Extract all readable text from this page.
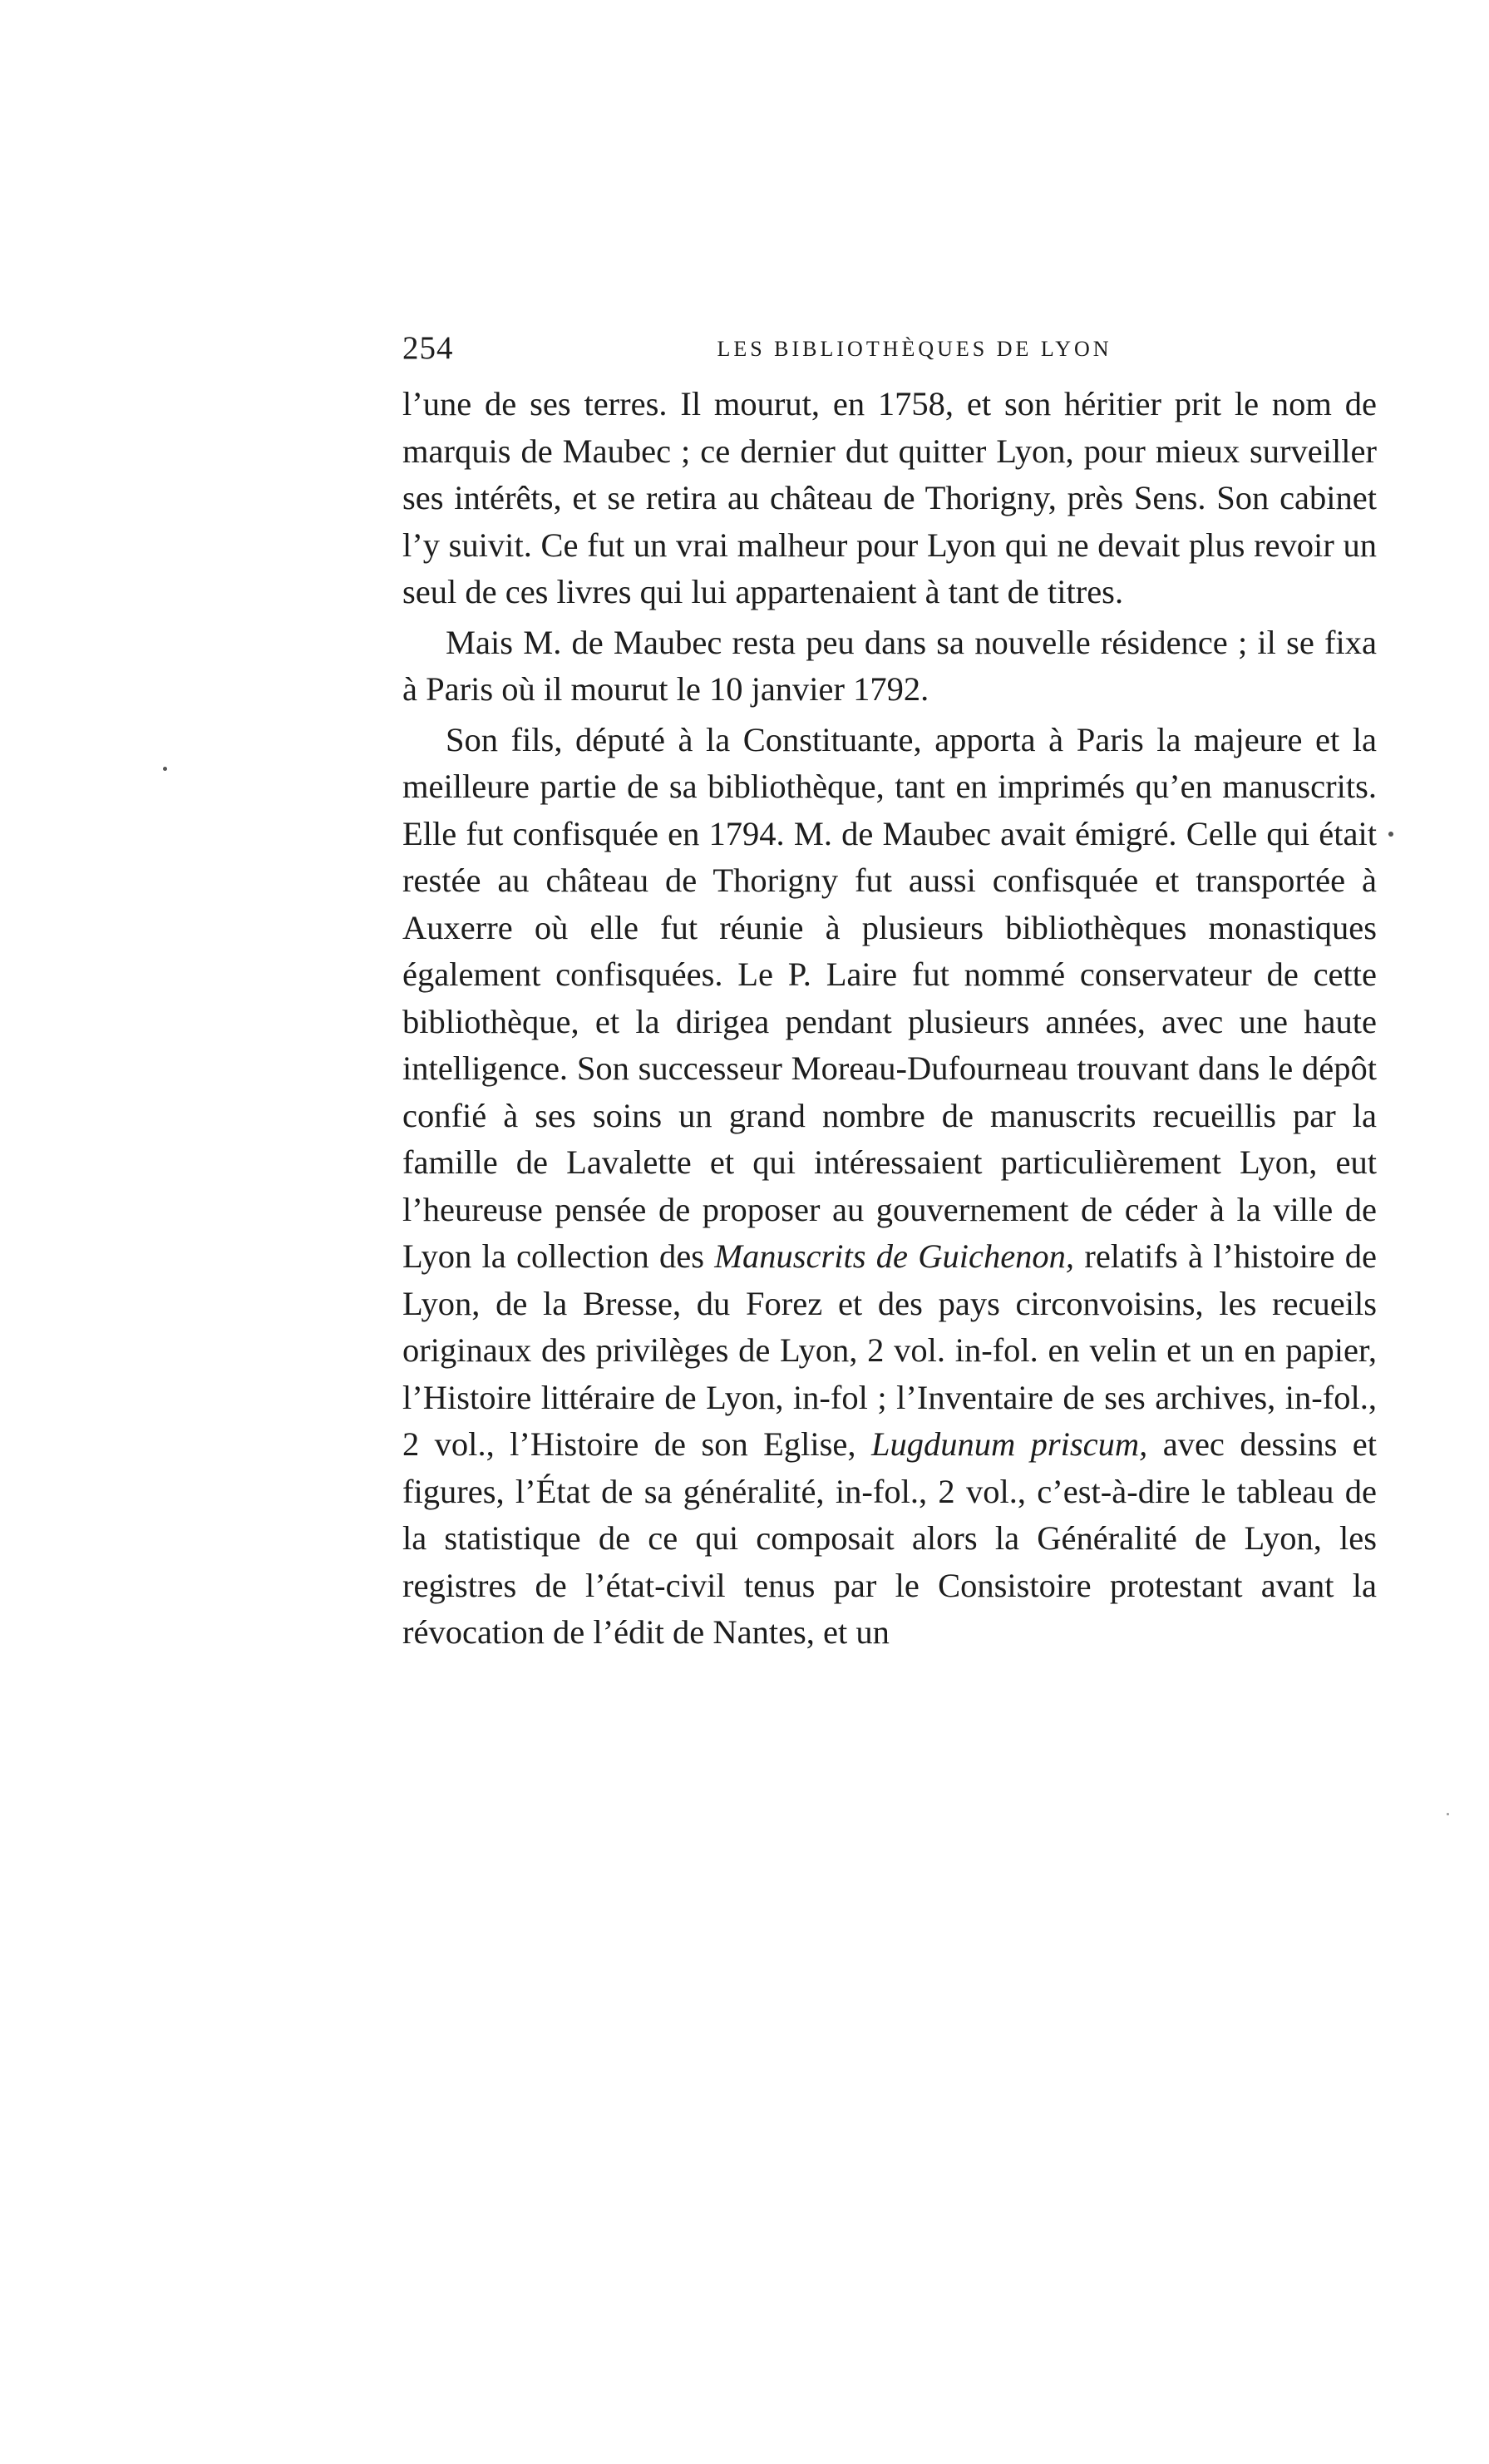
254	LES BIBLIOTHÈQUES DE LYON

l’une de ses terres. Il mourut, en 1758, et son héritier prit le nom de marquis de Maubec ; ce dernier dut quitter Lyon, pour mieux surveiller ses intérêts, et se retira au château de Thorigny, près Sens. Son cabinet l’y suivit. Ce fut un vrai malheur pour Lyon qui ne devait plus revoir un seul de ces livres qui lui appartenaient à tant de titres.

Mais M. de Maubec resta peu dans sa nouvelle résidence ; il se fixa à Paris où il mourut le 10 janvier 1792.

Son fils, député à la Constituante, apporta à Paris la majeure et la meilleure partie de sa bibliothèque, tant en imprimés qu’en manuscrits. Elle fut confisquée en 1794. M. de Maubec avait émigré. Celle qui était restée au château de Thorigny fut aussi confisquée et transportée à Auxerre où elle fut réunie à plusieurs bibliothèques monastiques également confisquées. Le P. Laire fut nommé conservateur de cette bibliothèque, et la dirigea pendant plusieurs années, avec une haute intelligence. Son successeur Moreau-Dufourneau trouvant dans le dépôt confié à ses soins un grand nombre de manuscrits recueillis par la famille de Lavalette et qui intéressaient particulièrement Lyon, eut l’heureuse pensée de proposer au gouvernement de céder à la ville de Lyon la collection des Manuscrits de Guichenon, relatifs à l’histoire de Lyon, de la Bresse, du Forez et des pays circonvoisins, les recueils originaux des privilèges de Lyon, 2 vol. in-fol. en velin et un en papier, l’Histoire littéraire de Lyon, in-fol ; l’Inventaire de ses archives, in-fol., 2 vol., l’Histoire de son Eglise, Lugdunum priscum, avec dessins et figures, l’État de sa généralité, in-fol., 2 vol., c’est-à-dire le tableau de la statistique de ce qui composait alors la Généralité de Lyon, les registres de l’état-civil tenus par le Consistoire protestant avant la révocation de l’édit de Nantes, et un
